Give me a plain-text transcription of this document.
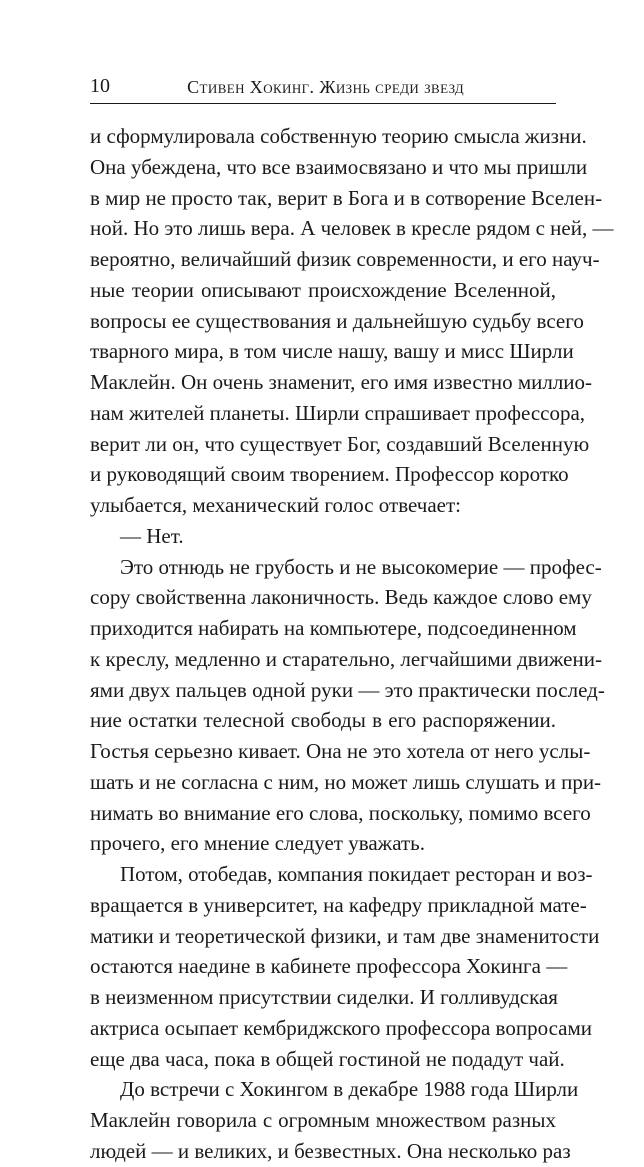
10	Стивен Хокинг. Жизнь среди звезд
и сформулировала собственную теорию смысла жизни.
Она убеждена, что все взаимосвязано и что мы пришли
в мир не просто так, верит в Бога и в сотворение Вселен-
ной. Но это лишь вера. А человек в кресле рядом с ней, —
вероятно, величайший физик современности, и его науч-
ные теории описывают происхождение Вселенной,
вопросы ее существования и дальнейшую судьбу всего
тварного мира, в том числе нашу, вашу и мисс Ширли
Маклейн. Он очень знаменит, его имя известно миллио-
нам жителей планеты. Ширли спрашивает профессора,
верит ли он, что существует Бог, создавший Вселенную
и руководящий своим творением. Профессор коротко
улыбается, механический голос отвечает:
— Нет.
Это отнюдь не грубость и не высокомерие — профес-
сору свойственна лаконичность. Ведь каждое слово ему
приходится набирать на компьютере, подсоединенном
к креслу, медленно и старательно, легчайшими движени-
ями двух пальцев одной руки — это практически послед-
ние остатки телесной свободы в его распоряжении.
Гостья серьезно кивает. Она не это хотела от него услы-
шать и не согласна с ним, но может лишь слушать и при-
нимать во внимание его слова, поскольку, помимо всего
прочего, его мнение следует уважать.
Потом, отобедав, компания покидает ресторан и воз-
вращается в университет, на кафедру прикладной мате-
матики и теоретической физики, и там две знаменитости
остаются наедине в кабинете профессора Хокинга —
в неизменном присутствии сиделки. И голливудская
актриса осыпает кембриджского профессора вопросами
еще два часа, пока в общей гостиной не подадут чай.
До встречи с Хокингом в декабре 1988 года Ширли
Маклейн говорила с огромным множеством разных
людей — и великих, и безвестных. Она несколько раз
